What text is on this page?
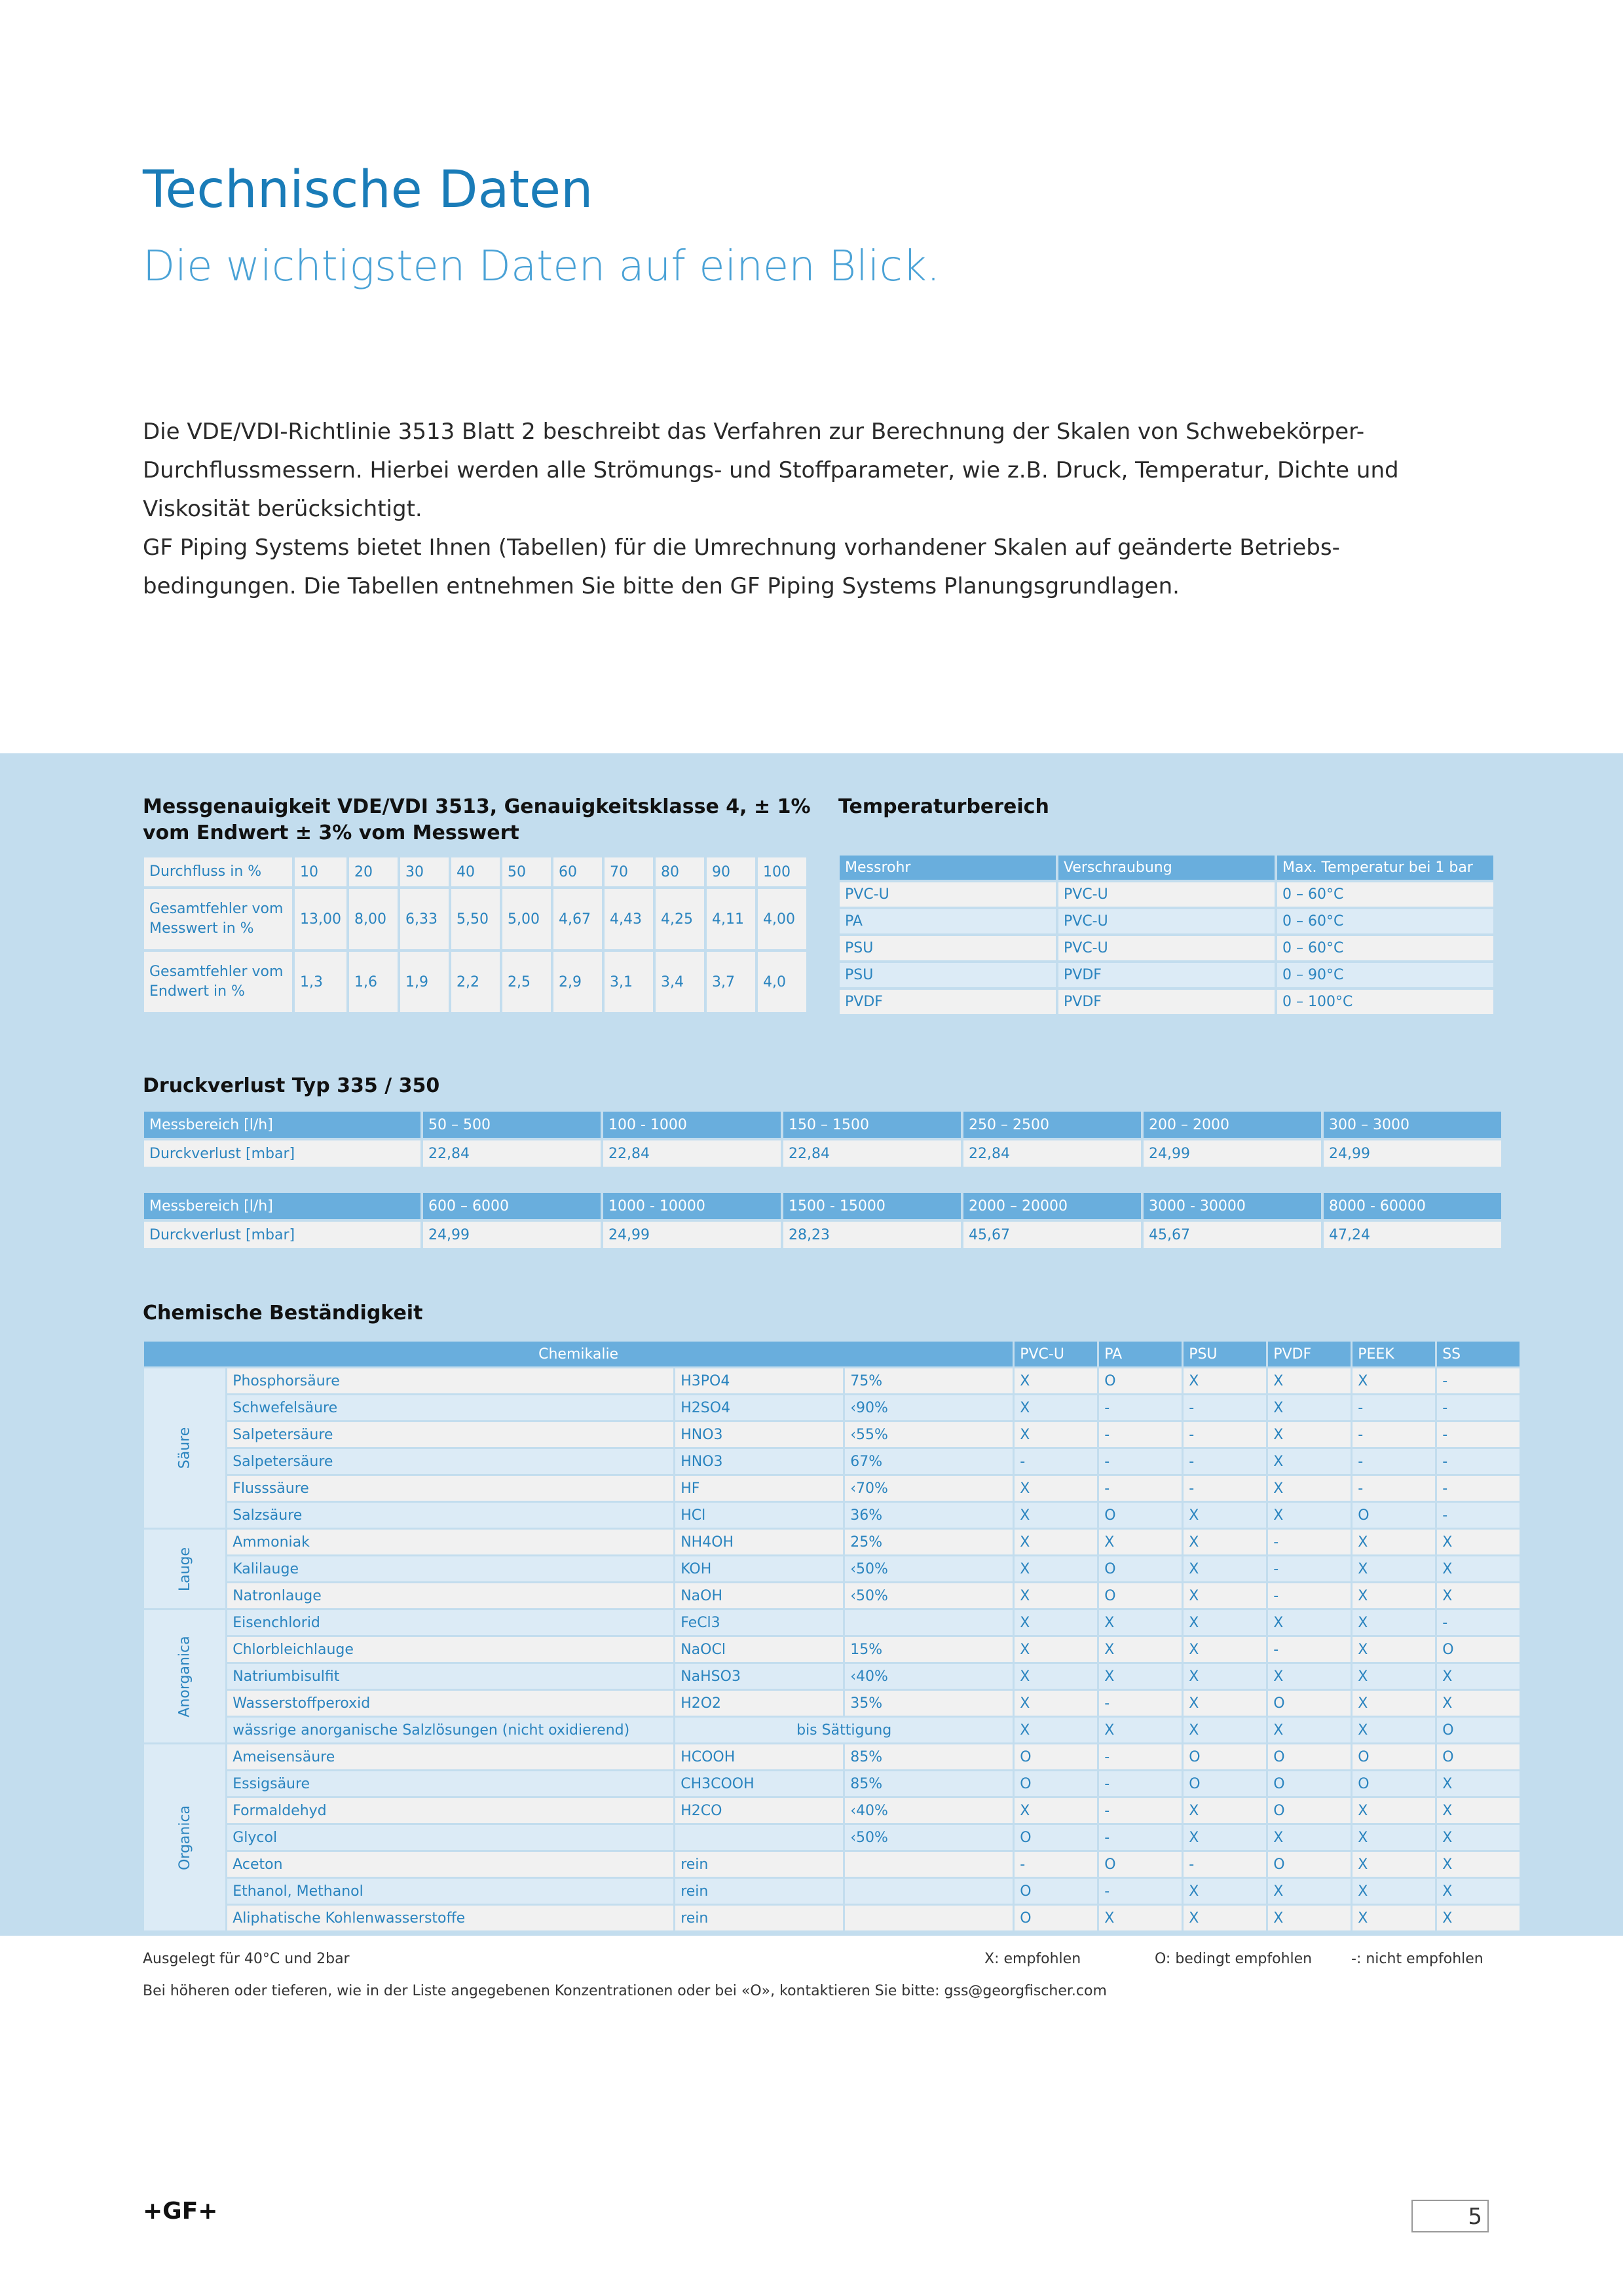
Technische Daten
Die wichtigsten Daten auf einen Blick.

Die VDE/VDI-Richtlinie 3513 Blatt 2 beschreibt das Verfahren zur Berechnung der Skalen von Schwebekörper-

Durchflussmessern. Hierbei werden alle Strömungs- und Stoffparameter, wie z.B. Druck, Temperatur, Dichte und

Viskosität berücksichtigt.

GF Piping Systems bietet Ihnen (Tabellen) für die Umrechnung vorhandener Skalen auf geänderte Betriebs-

bedingungen. Die Tabellen entnehmen Sie bitte den GF Piping Systems Planungsgrundlagen.

Messgenauigkeit VDE/VDI 3513, Genauigkeitsklasse 4, ± 1%
vom Endwert ± 3% vom Messwert
Durchfluss in %	10	20	30	40	50	60	70	80	90	100
Gesamtfehler vom Messwert in %	13,00	8,00	6,33	5,50	5,00	4,67	4,43	4,25	4,11	4,00
Gesamtfehler vom Endwert in %	1,3	1,6	1,9	2,2	2,5	2,9	3,1	3,4	3,7	4,0
Temperaturbereich
Messrohr	Verschraubung	Max. Temperatur bei 1 bar
PVC-U	PVC-U	0 – 60°C
PA	PVC-U	0 – 60°C
PSU	PVC-U	0 – 60°C
PSU	PVDF	0 – 90°C
PVDF	PVDF	0 – 100°C
Druckverlust Typ 335 / 350
Messbereich [l/h]	50 – 500	100 - 1000	150 – 1500	250 – 2500	200 – 2000	300 – 3000
Durckverlust [mbar]	22,84	22,84	22,84	22,84	24,99	24,99
Messbereich [l/h]	600 – 6000	1000 - 10000	1500 - 15000	2000 – 20000	3000 - 30000	8000 - 60000
Durckverlust [mbar]	24,99	24,99	28,23	45,67	45,67	47,24
Chemische Beständigkeit
Chemikalie				PVC-U	PA	PSU	PVDF	PEEK	SS
Säure	Phosphorsäure	H3PO4	75%	X	O	X	X	X	-
	Schwefelsäure	H2SO4	‹90%	X	-	-	X	-	-
	Salpetersäure	HNO3	‹55%	X	-	-	X	-	-
	Salpetersäure	HNO3	67%	-	-	-	X	-	-
	Flusssäure	HF	‹70%	X	-	-	X	-	-
	Salzsäure	HCl	36%	X	O	X	X	O	-
Lauge	Ammoniak	NH4OH	25%	X	X	X	-	X	X
	Kalilauge	KOH	‹50%	X	O	X	-	X	X
	Natronlauge	NaOH	‹50%	X	O	X	-	X	X
Anorganica	Eisenchlorid	FeCl3		X	X	X	X	X	-
	Chlorbleichlauge	NaOCl	15%	X	X	X	-	X	O
	Natriumbisulfit	NaHSO3	‹40%	X	X	X	X	X	X
	Wasserstoffperoxid	H2O2	35%	X	-	X	O	X	X
	wässrige anorganische Salzlösungen (nicht oxidierend)	bis Sättigung		X	X	X	X	X	O
Organica	Ameisensäure	HCOOH	85%	O	-	O	O	O	O
	Essigsäure	CH3COOH	85%	O	-	O	O	O	X
	Formaldehyd	H2CO	‹40%	X	-	X	O	X	X
	Glycol		‹50%	O	-	X	X	X	X
	Aceton	rein		-	O	-	O	X	X
	Ethanol, Methanol	rein		O	-	X	X	X	X
	Aliphatische Kohlenwasserstoffe	rein		O	X	X	X	X	X
Ausgelegt für 40°C und 2bar	X: empfohlen	O: bedingt empfohlen	-: nicht empfohlen
Bei höheren oder tieferen, wie in der Liste angegebenen Konzentrationen oder bei «O», kontaktieren Sie bitte: gss@georgfischer.com
+GF+	5
